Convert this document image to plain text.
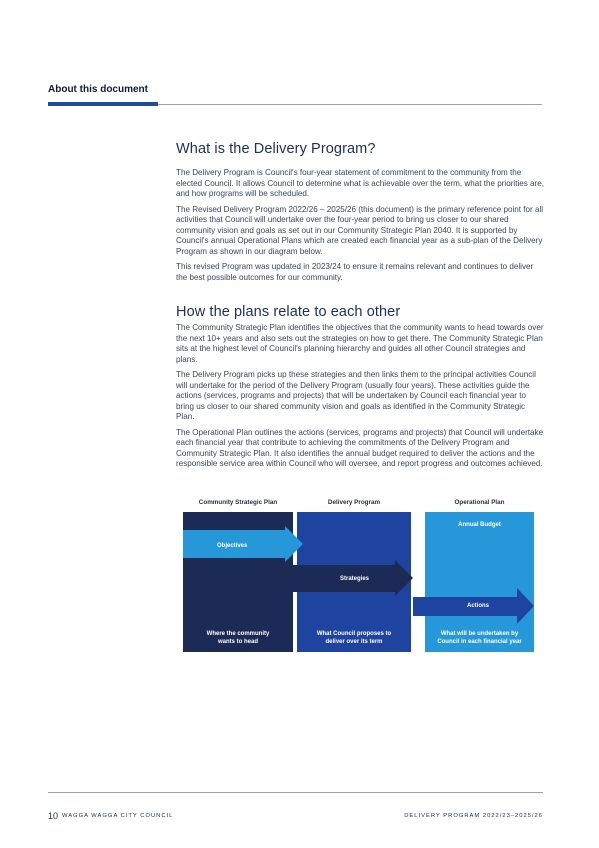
About this document
What is the Delivery Program?

The Delivery Program is Council's four-year statement of commitment to the community from the elected Council. It allows Council to determine what is achievable over the term, what the priorities are, and how programs will be scheduled.

The Revised Delivery Program 2022/26 – 2025/26 (this document) is the primary reference point for all activities that Council will undertake over the four-year period to bring us closer to our shared community vision and goals as set out in our Community Strategic Plan 2040. It is supported by Council's annual Operational Plans which are created each financial year as a sub-plan of the Delivery Program as shown in our diagram below.

This revised Program was updated in 2023/24 to ensure it remains relevant and continues to deliver the best possible outcomes for our community.

How the plans relate to each other

The Community Strategic Plan identifies the objectives that the community wants to head towards over the next 10+ years and also sets out the strategies on how to get there. The Community Strategic Plan sits at the highest level of Council's planning hierarchy and guides all other Council strategies and plans.

The Delivery Program picks up these strategies and then links them to the principal activities Council will undertake for the period of the Delivery Program (usually four years). These activities guide the actions (services, programs and projects) that will be undertaken by Council each financial year to bring us closer to our shared community vision and goals as identified in the Community Strategic Plan.

The Operational Plan outlines the actions (services, programs and projects) that Council will undertake each financial year that contribute to achieving the commitments of the Delivery Program and Community Strategic Plan. It also identifies the annual budget required to deliver the actions and the responsible service area within Council who will oversee, and report progress and outcomes achieved.

Community Strategic Plan	Delivery Program	Operational Plan
Where the community
wants to head
What Council proposes to
deliver over its term
Annual Budget
What will be undertaken by
Council in each financial year
Objectives
Strategies
Actions
10 WAGGA WAGGA CITY COUNCIL	DELIVERY PROGRAM 2022/23–2025/26
